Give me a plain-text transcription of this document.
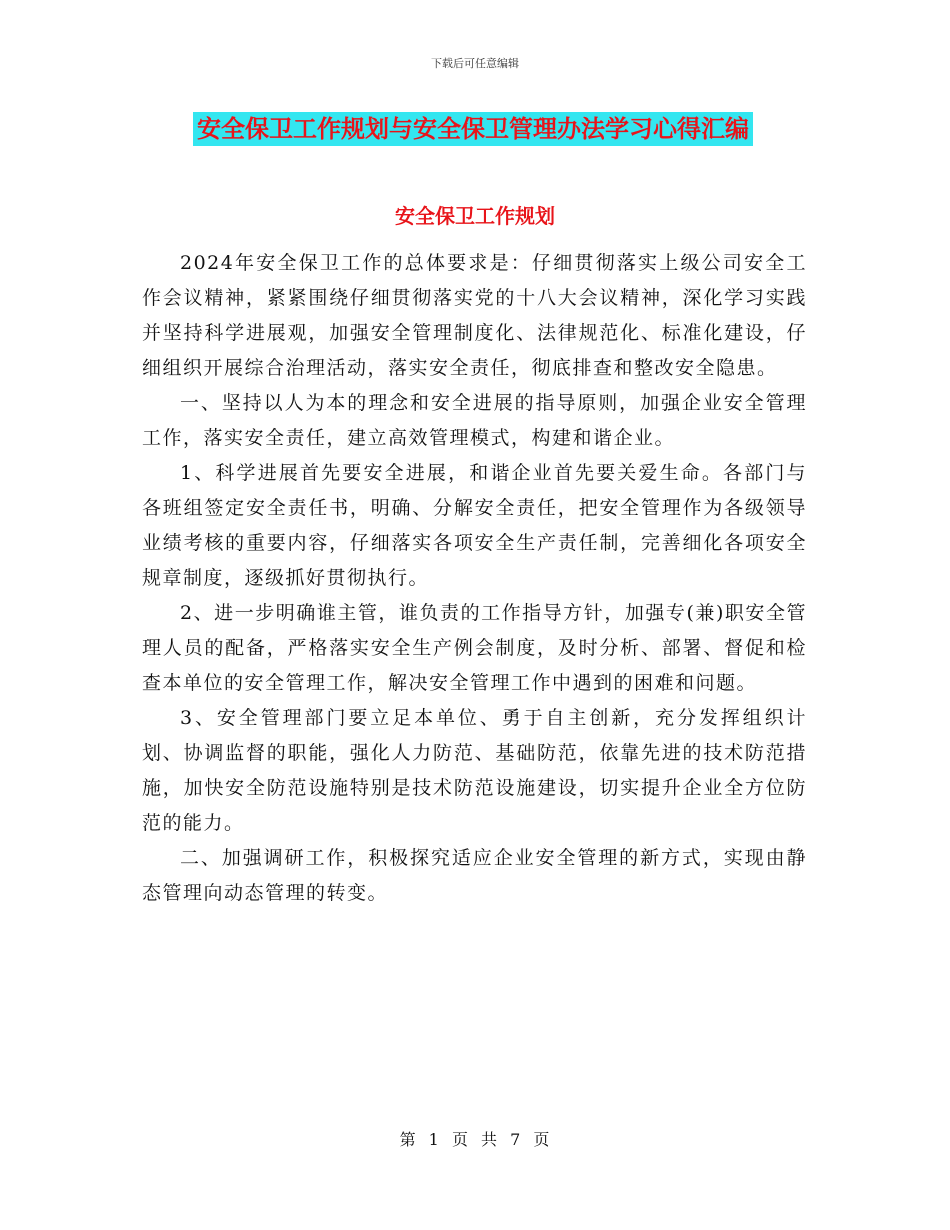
下载后可任意编辑
安全保卫工作规划与安全保卫管理办法学习心得汇编
安全保卫工作规划

2024年安全保卫工作的总体要求是：仔细贯彻落实上级公司安全工作会议精神，紧紧围绕仔细贯彻落实党的十八大会议精神，深化学习实践并坚持科学进展观，加强安全管理制度化、法律规范化、标准化建设，仔细组织开展综合治理活动，落实安全责任，彻底排查和整改安全隐患。

一、坚持以人为本的理念和安全进展的指导原则，加强企业安全管理工作，落实安全责任，建立高效管理模式，构建和谐企业。

1、科学进展首先要安全进展，和谐企业首先要关爱生命。各部门与各班组签定安全责任书，明确、分解安全责任，把安全管理作为各级领导业绩考核的重要内容，仔细落实各项安全生产责任制，完善细化各项安全规章制度，逐级抓好贯彻执行。

2、进一步明确谁主管，谁负责的工作指导方针，加强专(兼)职安全管理人员的配备，严格落实安全生产例会制度，及时分析、部署、督促和检查本单位的安全管理工作，解决安全管理工作中遇到的困难和问题。

3、安全管理部门要立足本单位、勇于自主创新，充分发挥组织计划、协调监督的职能，强化人力防范、基础防范，依靠先进的技术防范措施，加快安全防范设施特别是技术防范设施建设，切实提升企业全方位防范的能力。

二、加强调研工作，积极探究适应企业安全管理的新方式，实现由静态管理向动态管理的转变。

第 1 页 共 7 页
